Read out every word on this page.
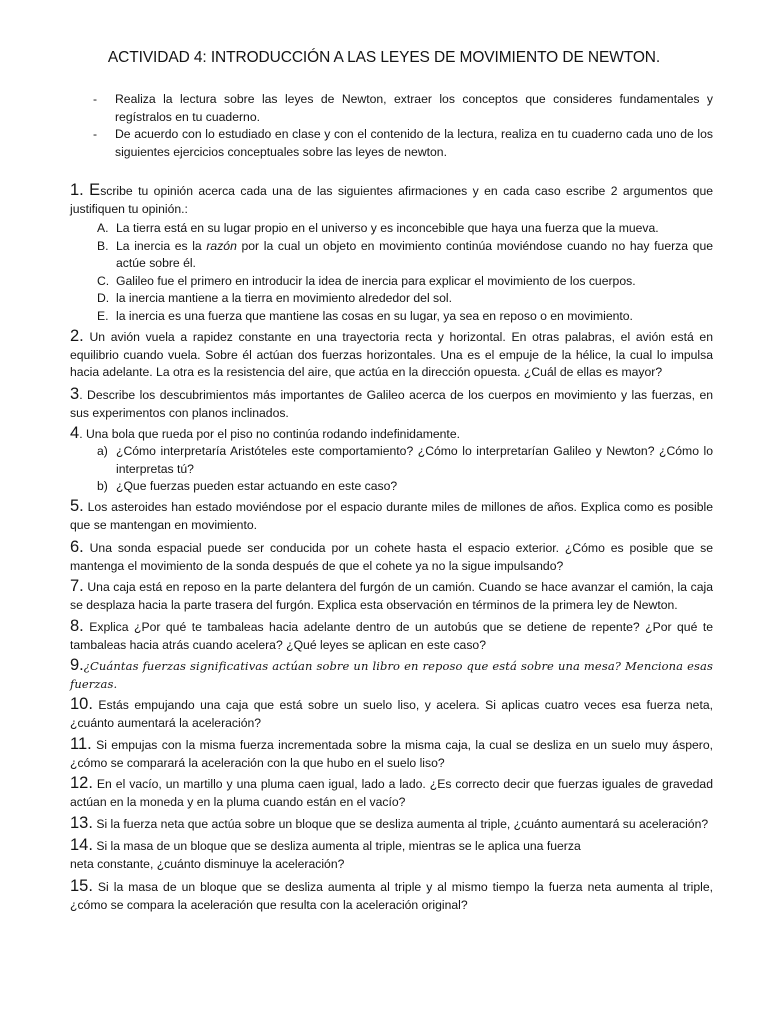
ACTIVIDAD 4: INTRODUCCIÓN A LAS LEYES DE MOVIMIENTO DE NEWTON.
- Realiza la lectura sobre las leyes de Newton, extraer los conceptos que consideres fundamentales y regístralos en tu cuaderno.
- De acuerdo con lo estudiado en clase y con el contenido de la lectura, realiza en tu cuaderno cada uno de los siguientes ejercicios conceptuales sobre las leyes de newton.
1. Escribe tu opinión acerca cada una de las siguientes afirmaciones y en cada caso escribe 2 argumentos que justifiquen tu opinión.:
A. La tierra está en su lugar propio en el universo y es inconcebible que haya una fuerza que la mueva.
B. La inercia es la razón por la cual un objeto en movimiento continúa moviéndose cuando no hay fuerza que actúe sobre él.
C. Galileo fue el primero en introducir la idea de inercia para explicar el movimiento de los cuerpos.
D. la inercia mantiene a la tierra en movimiento alrededor del sol.
E. la inercia es una fuerza que mantiene las cosas en su lugar, ya sea en reposo o en movimiento.
2. Un avión vuela a rapidez constante en una trayectoria recta y horizontal. En otras palabras, el avión está en equilibrio cuando vuela. Sobre él actúan dos fuerzas horizontales. Una es el empuje de la hélice, la cual lo impulsa hacia adelante. La otra es la resistencia del aire, que actúa en la dirección opuesta. ¿Cuál de ellas es mayor?
3. Describe los descubrimientos más importantes de Galileo acerca de los cuerpos en movimiento y las fuerzas, en sus experimentos con planos inclinados.
4. Una bola que rueda por el piso no continúa rodando indefinidamente.
a) ¿Cómo interpretaría Aristóteles este comportamiento? ¿Cómo lo interpretarían Galileo y Newton? ¿Cómo lo interpretas tú?
b) ¿Que fuerzas pueden estar actuando en este caso?
5. Los asteroides han estado moviéndose por el espacio durante miles de millones de años. Explica como es posible que se mantengan en movimiento.
6. Una sonda espacial puede ser conducida por un cohete hasta el espacio exterior. ¿Cómo es posible que se mantenga el movimiento de la sonda después de que el cohete ya no la sigue impulsando?
7. Una caja está en reposo en la parte delantera del furgón de un camión. Cuando se hace avanzar el camión, la caja se desplaza hacia la parte trasera del furgón. Explica esta observación en términos de la primera ley de Newton.
8. Explica ¿Por qué te tambaleas hacia adelante dentro de un autobús que se detiene de repente? ¿Por qué te tambaleas hacia atrás cuando acelera? ¿Qué leyes se aplican en este caso?
9.¿Cuántas fuerzas significativas actúan sobre un libro en reposo que está sobre una mesa? Menciona esas fuerzas.
10. Estás empujando una caja que está sobre un suelo liso, y acelera. Si aplicas cuatro veces esa fuerza neta, ¿cuánto aumentará la aceleración?
11. Si empujas con la misma fuerza incrementada sobre la misma caja, la cual se desliza en un suelo muy áspero, ¿cómo se comparará la aceleración con la que hubo en el suelo liso?
12. En el vacío, un martillo y una pluma caen igual, lado a lado. ¿Es correcto decir que fuerzas iguales de gravedad actúan en la moneda y en la pluma cuando están en el vacío?
13. Si la fuerza neta que actúa sobre un bloque que se desliza aumenta al triple, ¿cuánto aumentará su aceleración?
14. Si la masa de un bloque que se desliza aumenta al triple, mientras se le aplica una fuerza
neta constante, ¿cuánto disminuye la aceleración?
15. Si la masa de un bloque que se desliza aumenta al triple y al mismo tiempo la fuerza neta aumenta al triple, ¿cómo se compara la aceleración que resulta con la aceleración original?
